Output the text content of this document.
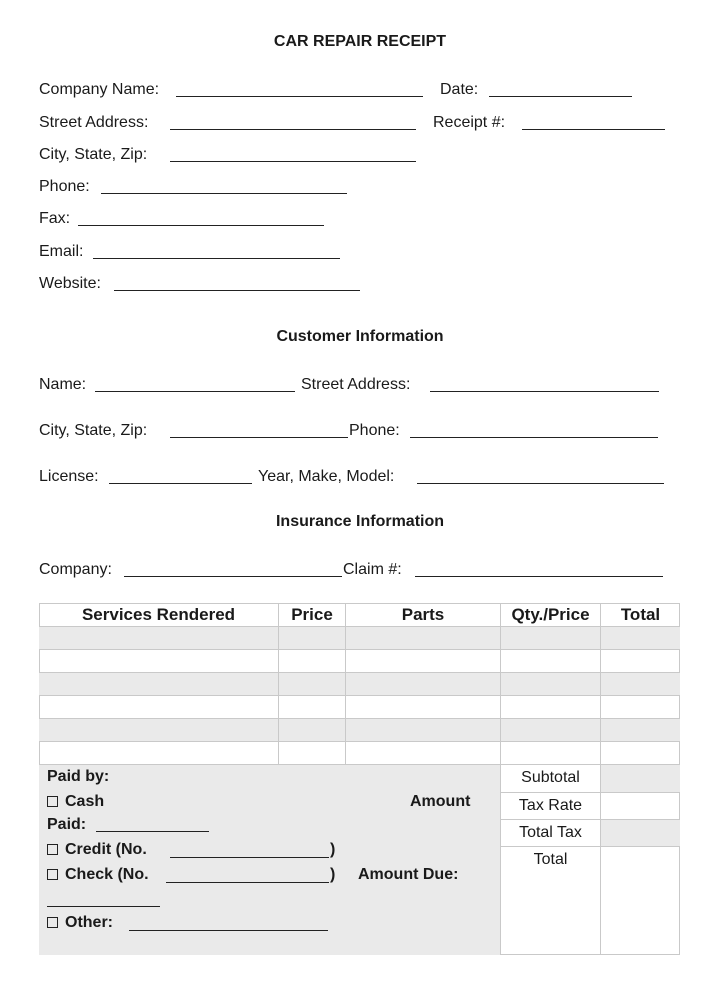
CAR REPAIR RECEIPT
Company Name:	Date:
Street Address:	Receipt #:
City, State, Zip:
Phone:
Fax:
Email:
Website:
Customer Information
Name:	Street Address:
City, State, Zip:	Phone:
License:	Year, Make, Model:
Insurance Information
Company:	Claim #:
Services Rendered	Price	Parts	Qty./Price	Total
Subtotal
Tax Rate
Total Tax
Total
Paid by:
Cash	Amount
Paid:
Credit (No.	)
Check (No.	) Amount Due:
Other:
